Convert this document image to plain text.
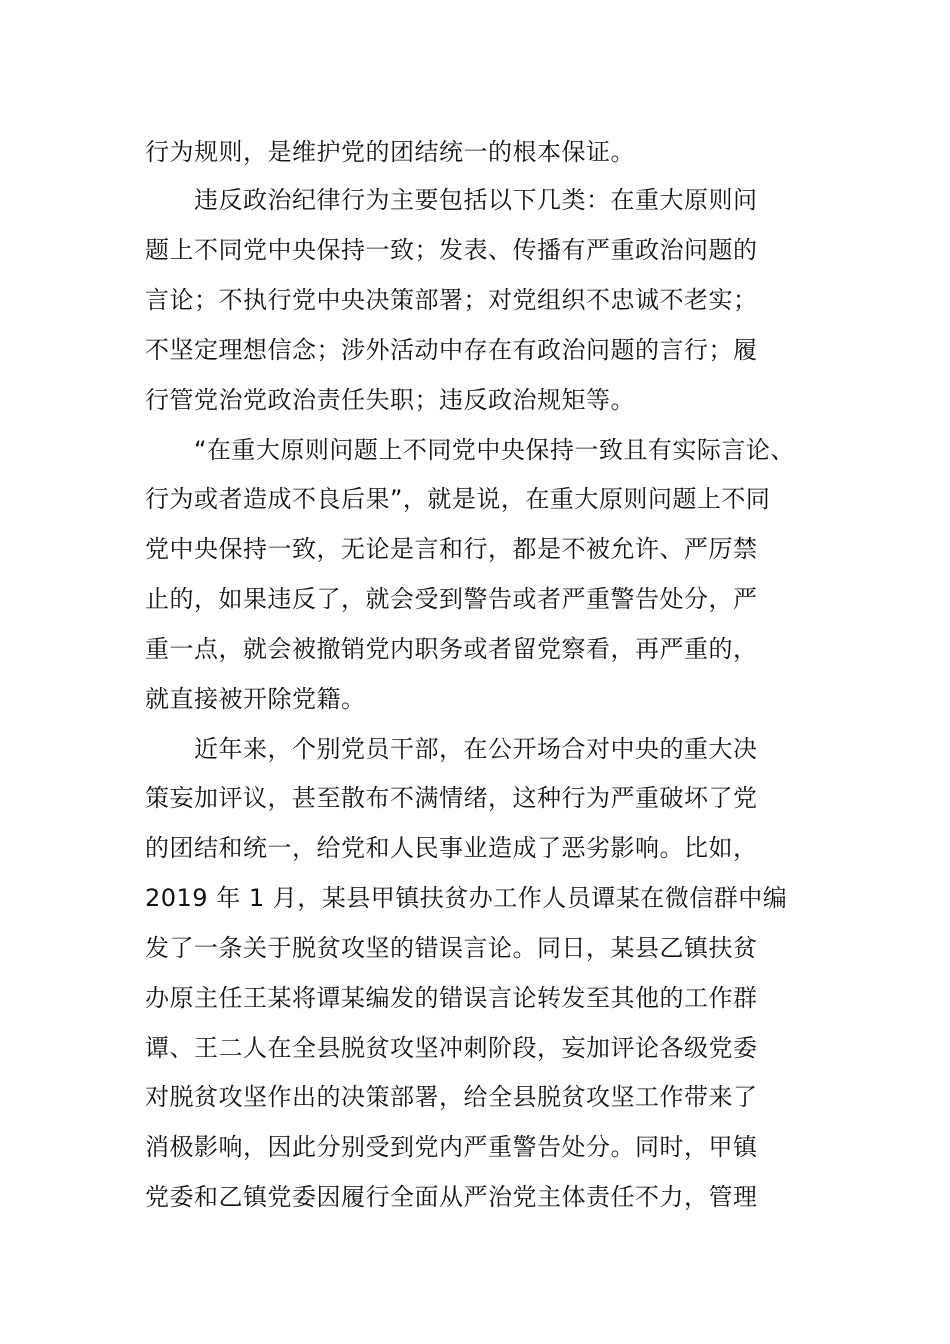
行为规则，是维护党的团结统一的根本保证。
违反政治纪律行为主要包括以下几类：在重大原则问
题上不同党中央保持一致；发表、传播有严重政治问题的
言论；不执行党中央决策部署；对党组织不忠诚不老实；
不坚定理想信念；涉外活动中存在有政治问题的言行；履
行管党治党政治责任失职；违反政治规矩等。
“在重大原则问题上不同党中央保持一致且有实际言论、
行为或者造成不良后果”，就是说，在重大原则问题上不同
党中央保持一致，无论是言和行，都是不被允许、严厉禁
止的，如果违反了，就会受到警告或者严重警告处分，严
重一点，就会被撤销党内职务或者留党察看，再严重的，
就直接被开除党籍。
近年来，个别党员干部，在公开场合对中央的重大决
策妄加评议，甚至散布不满情绪，这种行为严重破坏了党
的团结和统一，给党和人民事业造成了恶劣影响。比如，
2019 年 1 月，某县甲镇扶贫办工作人员谭某在微信群中编
发了一条关于脱贫攻坚的错误言论。同日，某县乙镇扶贫
办原主任王某将谭某编发的错误言论转发至其他的工作群
谭、王二人在全县脱贫攻坚冲刺阶段，妄加评论各级党委
对脱贫攻坚作出的决策部署，给全县脱贫攻坚工作带来了
消极影响，因此分别受到党内严重警告处分。同时，甲镇
党委和乙镇党委因履行全面从严治党主体责任不力，管理
